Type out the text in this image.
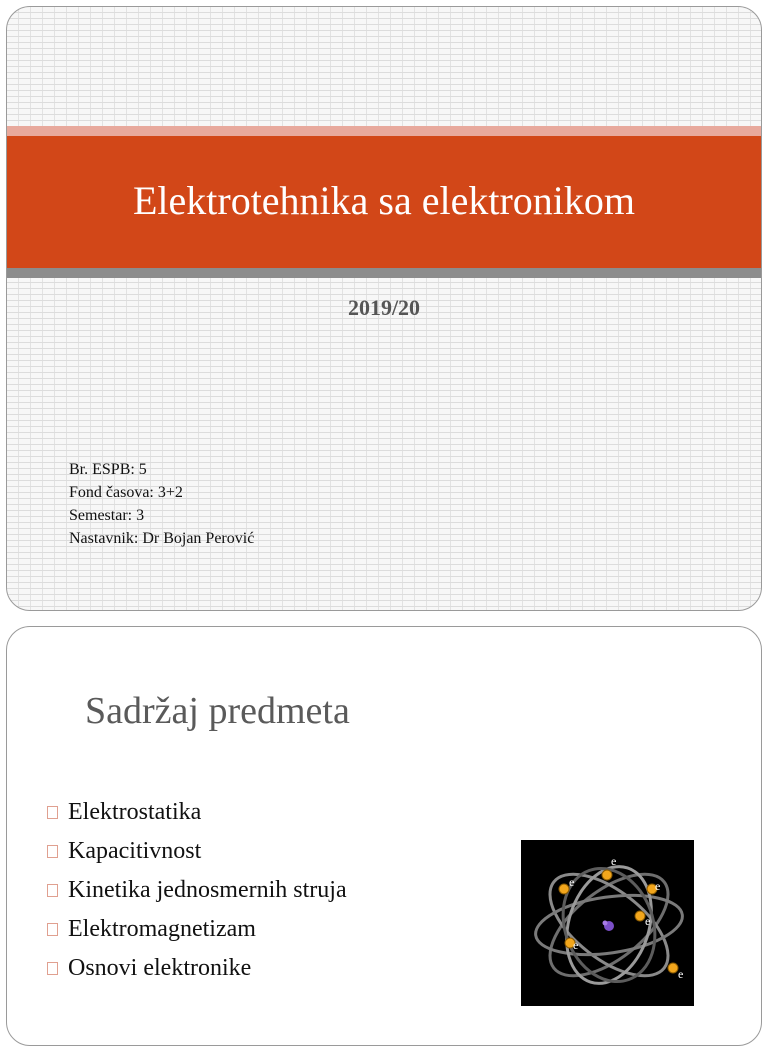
Elektrotehnika sa elektronikom
2019/20
Br. ESPB: 5
Fond časova: 3+2
Semestar: 3
Nastavnik: Dr Bojan Perović
Sadržaj predmeta
Elektrostatika
Kapacitivnost
Kinetika jednosmernih struja
Elektromagnetizam
Osnovi elektronike
e
e
e
e
e
e
